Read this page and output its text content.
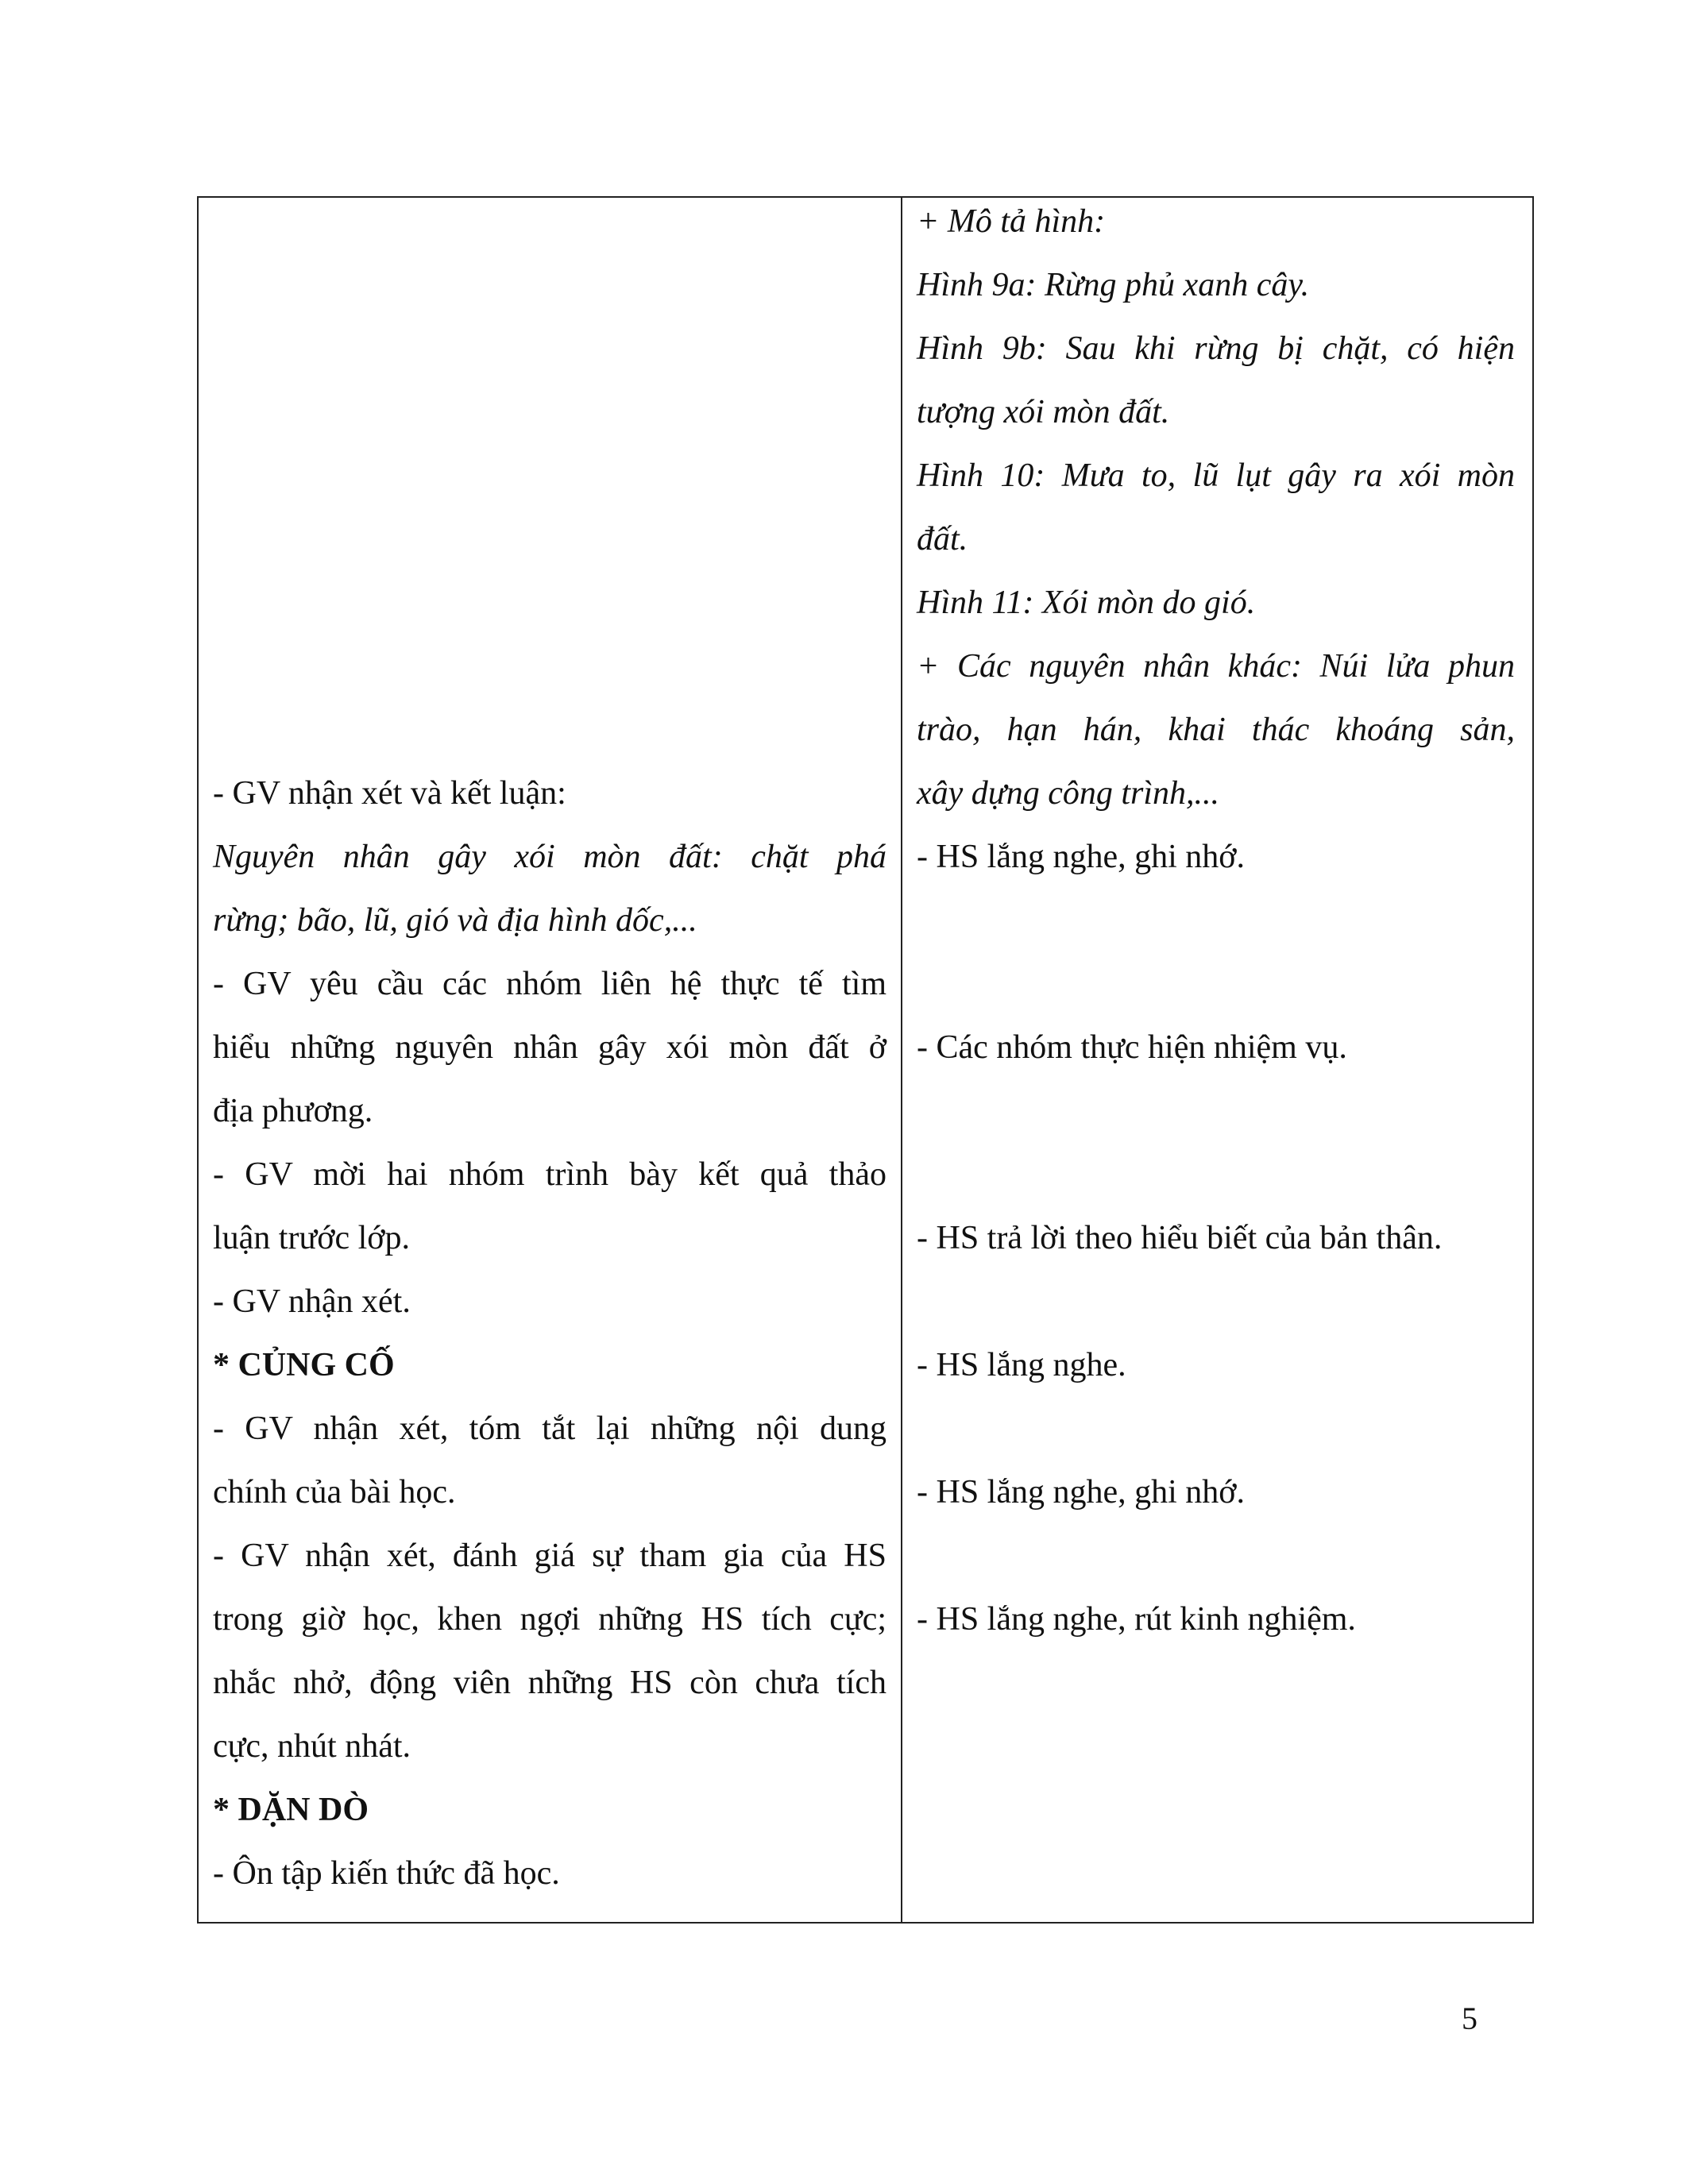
- GV nhận xét và kết luận:
Nguyên nhân gây xói mòn đất: chặt phá
rừng; bão, lũ, gió và địa hình dốc,...
- GV yêu cầu các nhóm liên hệ thực tế tìm
hiểu những nguyên nhân gây xói mòn đất ở
địa phương.
- GV mời hai nhóm trình bày kết quả thảo
luận trước lớp.
- GV nhận xét.
* CỦNG CỐ
- GV nhận xét, tóm tắt lại những nội dung
chính của bài học.
- GV nhận xét, đánh giá sự tham gia của HS
trong giờ học, khen ngợi những HS tích cực;
nhắc nhở, động viên những HS còn chưa tích
cực, nhút nhát.
* DẶN DÒ
- Ôn tập kiến thức đã học.
+ Mô tả hình:
Hình 9a: Rừng phủ xanh cây.
Hình 9b: Sau khi rừng bị chặt, có hiện
tượng xói mòn đất.
Hình 10: Mưa to, lũ lụt gây ra xói mòn
đất.
Hình 11: Xói mòn do gió.
+ Các nguyên nhân khác: Núi lửa phun
trào, hạn hán, khai thác khoáng sản,
xây dựng công trình,...
- HS lắng nghe, ghi nhớ.
- Các nhóm thực hiện nhiệm vụ.
- HS trả lời theo hiểu biết của bản thân.
- HS lắng nghe.
- HS lắng nghe, ghi nhớ.
- HS lắng nghe, rút kinh nghiệm.
5
